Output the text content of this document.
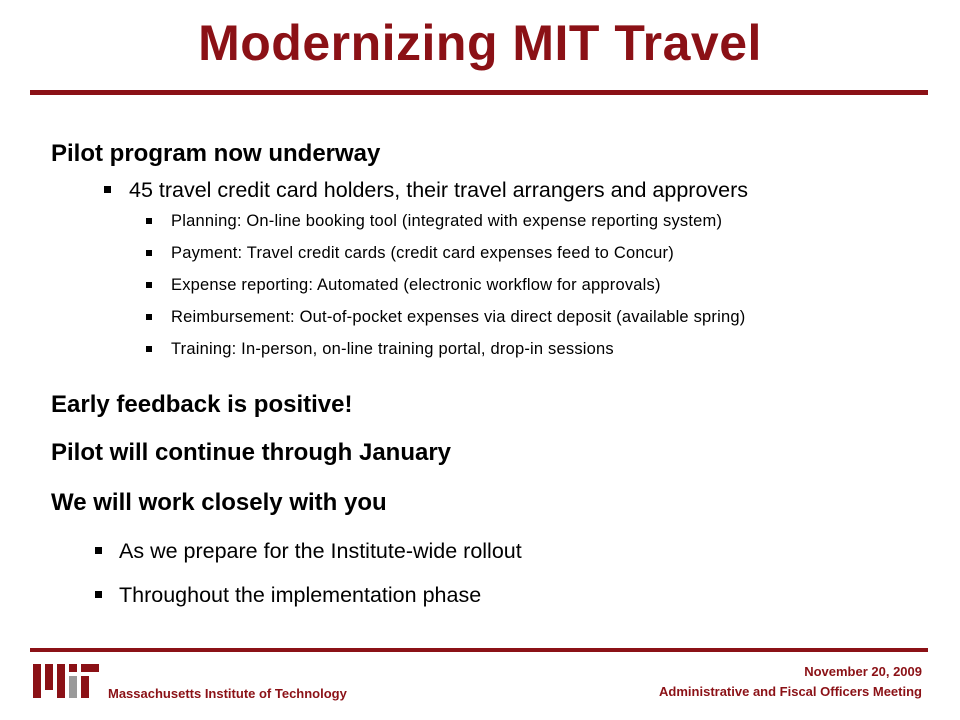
Modernizing MIT Travel
Pilot program now underway
45 travel credit card holders, their travel arrangers and approvers
Planning: On-line booking tool (integrated with expense reporting system)
Payment: Travel credit cards (credit card expenses feed to Concur)
Expense reporting: Automated (electronic workflow for approvals)
Reimbursement: Out-of-pocket expenses via direct deposit (available spring)
Training: In-person, on-line training portal, drop-in sessions
Early feedback is positive!
Pilot will continue through January
We will work closely with you
As we prepare for the Institute-wide rollout
Throughout the implementation phase
Massachusetts Institute of Technology
November 20, 2009
Administrative and Fiscal Officers Meeting
